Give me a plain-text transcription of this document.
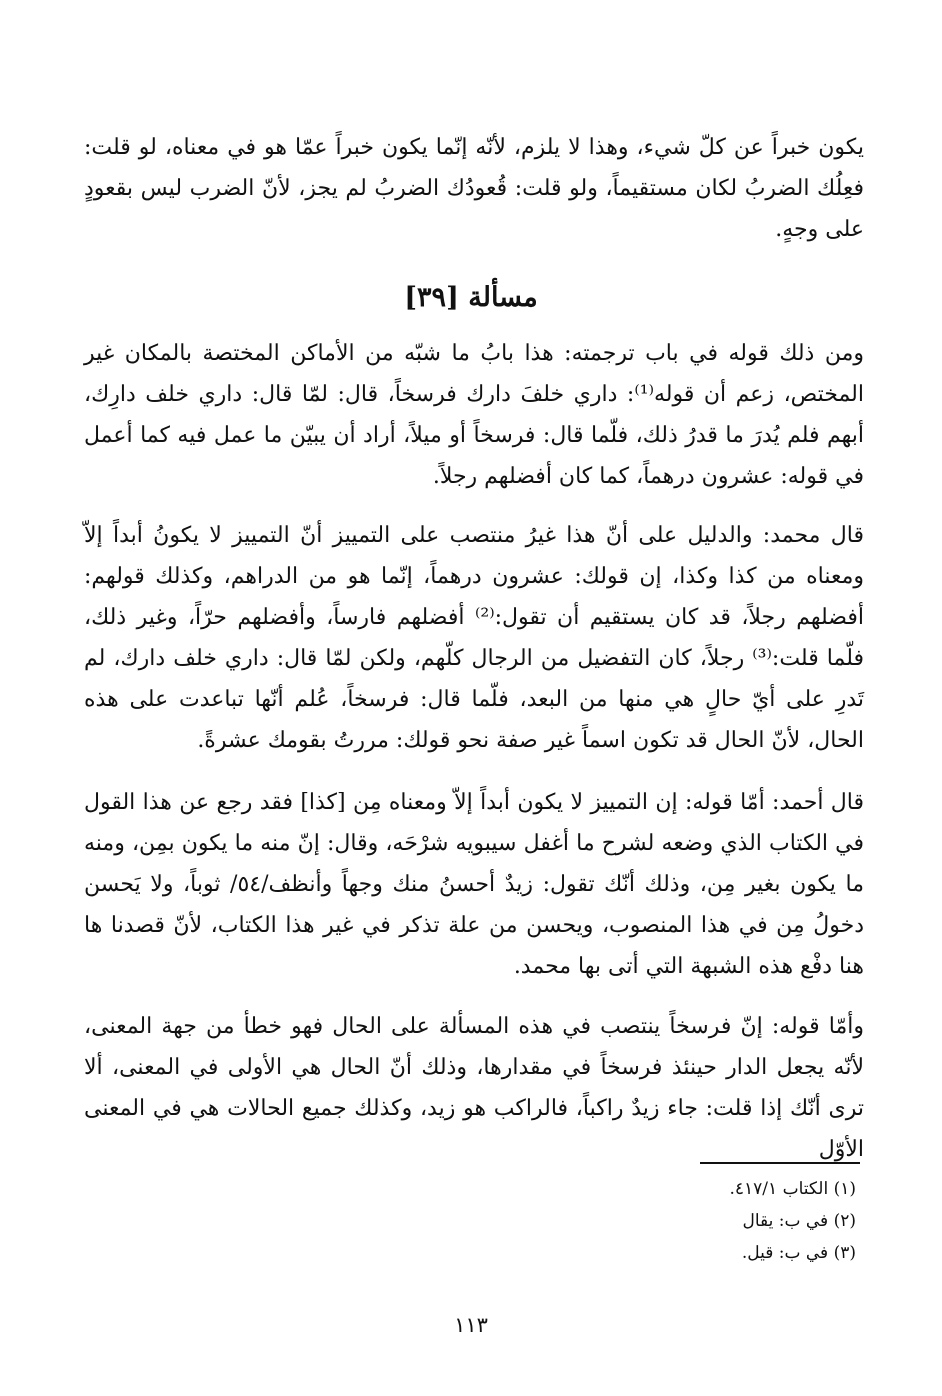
يكون خبراً عن كلّ شيء، وهذا لا يلزم، لأنّه إنّما يكون خبراً عمّا هو في معناه، لو قلت: فعِلُك الضربُ لكان مستقيماً، ولو قلت: قُعودُك الضربُ لم يجز، لأنّ الضرب ليس بقعودٍ على وجهٍ.

مسألة [٣٩]

ومن ذلك قوله في باب ترجمته: هذا بابُ ما شبّه من الأماكن المختصة بالمكان غير المختص، زعم أن قوله⁽¹⁾: داري خلفَ دارك فرسخاً، قال: لمّا قال: داري خلف دارِك، أبهم فلم يُدرَ ما قدرُ ذلك، فلّما قال: فرسخاً أو ميلاً، أراد أن يبيّن ما عمل فيه كما أعمل في قوله: عشرون درهماً، كما كان أفضلهم رجلاً.

قال محمد: والدليل على أنّ هذا غيرُ منتصب على التمييز أنّ التمييز لا يكونُ أبداً إلاّ ومعناه من كذا وكذا، إن قولك: عشرون درهماً، إنّما هو من الدراهم، وكذلك قولهم: أفضلهم رجلاً، قد كان يستقيم أن تقول:⁽²⁾ أفضلهم فارساً، وأفضلهم حرّاً، وغير ذلك، فلّما قلت:⁽³⁾ رجلاً، كان التفضيل من الرجال كلّهم، ولكن لمّا قال: داري خلف دارك، لم تَدرِ على أيّ حالٍ هي منها من البعد، فلّما قال: فرسخاً، عُلم أنّها تباعدت على هذه الحال، لأنّ الحال قد تكون اسماً غير صفة نحو قولك: مررتُ بقومك عشرةً.

قال أحمد: أمّا قوله: إن التمييز لا يكون أبداً إلاّ ومعناه مِن [كذا] فقد رجع عن هذا القول في الكتاب الذي وضعه لشرح ما أغفل سيبويه شرْحَه، وقال: إنّ منه ما يكون بمِن، ومنه ما يكون بغير مِن، وذلك أنّك تقول: زيدٌ أحسنُ منك وجهاً وأنظف/٥٤/ ثوباً، ولا يَحسن دخولُ مِن في هذا المنصوب، ويحسن من علة تذكر في غير هذا الكتاب، لأنّ قصدنا ها هنا دفْع هذه الشبهة التي أتى بها محمد.

وأمّا قوله: إنّ فرسخاً ينتصب في هذه المسألة على الحال فهو خطأ من جهة المعنى، لأنّه يجعل الدار حينئذ فرسخاً في مقدارها، وذلك أنّ الحال هي الأولى في المعنى، ألا ترى أنّك إذا قلت: جاء زيدٌ راكباً، فالراكب هو زيد، وكذلك جميع الحالات هي في المعنى الأوّل

(١) الكتاب ٤١٧/١.
(٢) في ب: يقال
(٣) في ب: قيل.
١١٣
